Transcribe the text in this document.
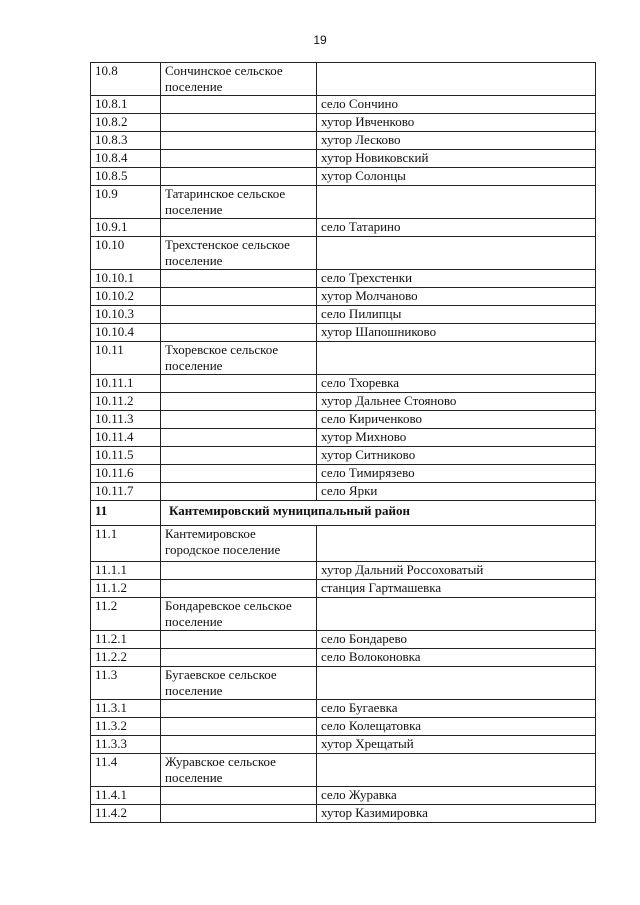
19
10.8	Сончинское сельское поселение	
10.8.1		село Сончино
10.8.2		хутор Ивченково
10.8.3		хутор Лесково
10.8.4		хутор Новиковский
10.8.5		хутор Солонцы
10.9	Татаринское сельское поселение	
10.9.1		село Татарино
10.10	Трехстенское сельское поселение	
10.10.1		село Трехстенки
10.10.2		хутор Молчаново
10.10.3		село Пилипцы
10.10.4		хутор Шапошниково
10.11	Тхоревское сельское поселение	
10.11.1		село Тхоревка
10.11.2		хутор Дальнее Стояново
10.11.3		село Кириченково
10.11.4		хутор Михново
10.11.5		хутор Ситниково
10.11.6		село Тимирязево
10.11.7		село Ярки
11	Кантемировский муниципальный район	
11.1	Кантемировское городское поселение	
11.1.1		хутор Дальний Россоховатый
11.1.2		станция Гартмашевка
11.2	Бондаревское сельское поселение	
11.2.1		село Бондарево
11.2.2		село Волоконовка
11.3	Бугаевское сельское поселение	
11.3.1		село Бугаевка
11.3.2		село Колещатовка
11.3.3		хутор Хрещатый
11.4	Журавское сельское поселение	
11.4.1		село Журавка
11.4.2		хутор Казимировка
